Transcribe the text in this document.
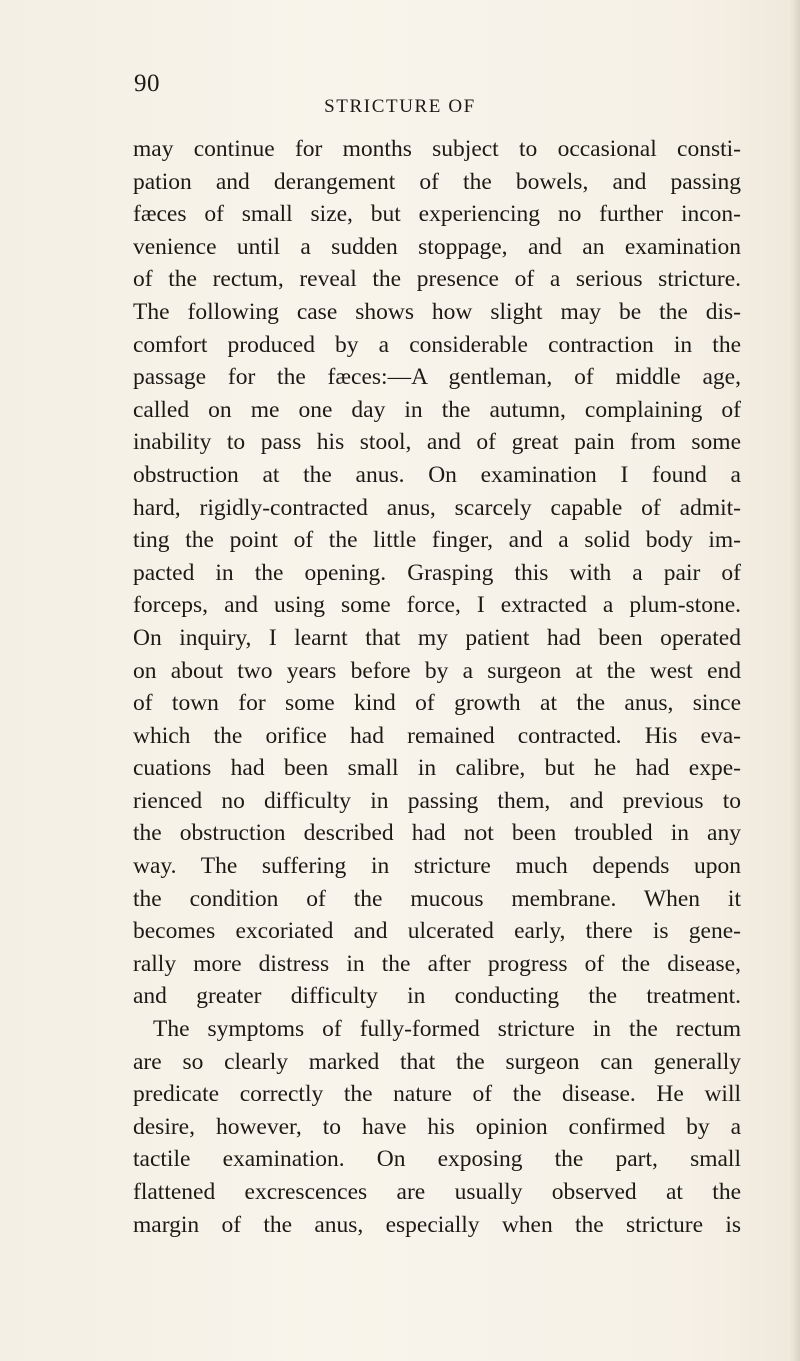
90
STRICTURE OF
may continue for months subject to occasional consti-
pation and derangement of the bowels, and passing
fæces of small size, but experiencing no further incon-
venience until a sudden stoppage, and an examination
of the rectum, reveal the presence of a serious stricture.
The following case shows how slight may be the dis-
comfort produced by a considerable contraction in the
passage for the fæces:—A gentleman, of middle age,
called on me one day in the autumn, complaining of
inability to pass his stool, and of great pain from some
obstruction at the anus. On examination I found a
hard, rigidly-contracted anus, scarcely capable of admit-
ting the point of the little finger, and a solid body im-
pacted in the opening. Grasping this with a pair of
forceps, and using some force, I extracted a plum-stone.
On inquiry, I learnt that my patient had been operated
on about two years before by a surgeon at the west end
of town for some kind of growth at the anus, since
which the orifice had remained contracted. His eva-
cuations had been small in calibre, but he had expe-
rienced no difficulty in passing them, and previous to
the obstruction described had not been troubled in any
way. The suffering in stricture much depends upon
the condition of the mucous membrane. When it
becomes excoriated and ulcerated early, there is gene-
rally more distress in the after progress of the disease,
and greater difficulty in conducting the treatment.
The symptoms of fully-formed stricture in the rectum
are so clearly marked that the surgeon can generally
predicate correctly the nature of the disease. He will
desire, however, to have his opinion confirmed by a
tactile examination. On exposing the part, small
flattened excrescences are usually observed at the
margin of the anus, especially when the stricture is
